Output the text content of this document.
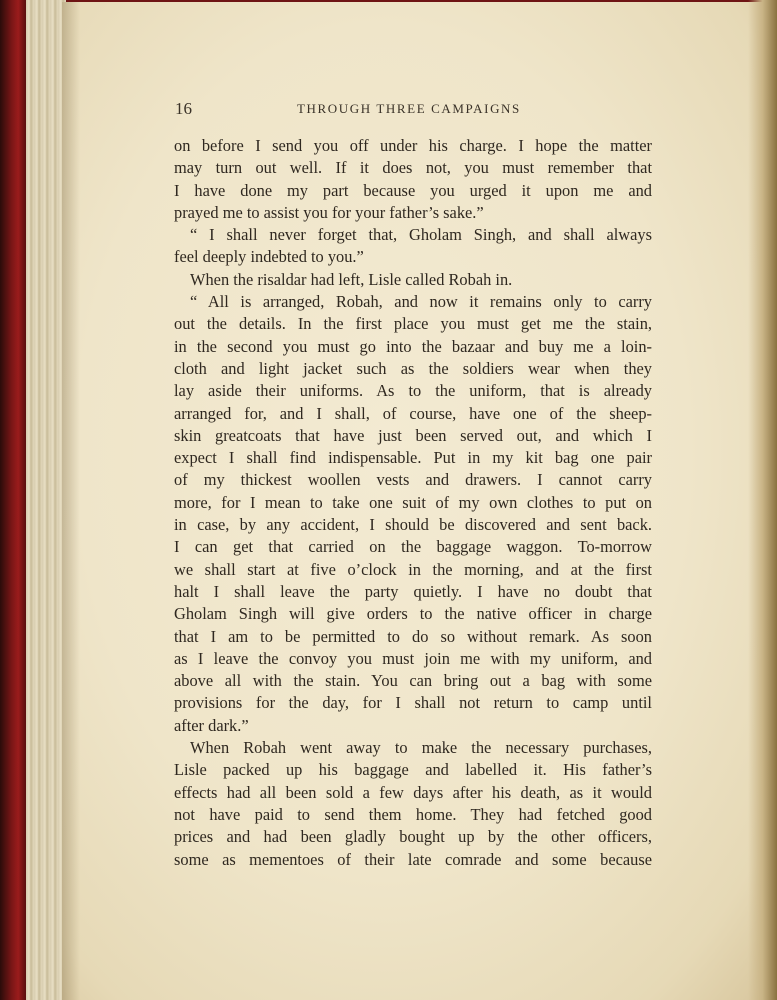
16	THROUGH THREE CAMPAIGNS
on before I send you off under his charge. I hope the matter
may turn out well. If it does not, you must remember that
I have done my part because you urged it upon me and
prayed me to assist you for your father’s sake.”
“ I shall never forget that, Gholam Singh, and shall always
feel deeply indebted to you.”
When the risaldar had left, Lisle called Robah in.
“ All is arranged, Robah, and now it remains only to carry
out the details. In the first place you must get me the stain,
in the second you must go into the bazaar and buy me a loin-
cloth and light jacket such as the soldiers wear when they
lay aside their uniforms. As to the uniform, that is already
arranged for, and I shall, of course, have one of the sheep-
skin greatcoats that have just been served out, and which I
expect I shall find indispensable. Put in my kit bag one pair
of my thickest woollen vests and drawers. I cannot carry
more, for I mean to take one suit of my own clothes to put on
in case, by any accident, I should be discovered and sent back.
I can get that carried on the baggage waggon. To-morrow
we shall start at five o’clock in the morning, and at the first
halt I shall leave the party quietly. I have no doubt that
Gholam Singh will give orders to the native officer in charge
that I am to be permitted to do so without remark. As soon
as I leave the convoy you must join me with my uniform, and
above all with the stain. You can bring out a bag with some
provisions for the day, for I shall not return to camp until
after dark.”
When Robah went away to make the necessary purchases,
Lisle packed up his baggage and labelled it. His father’s
effects had all been sold a few days after his death, as it would
not have paid to send them home. They had fetched good
prices and had been gladly bought up by the other officers,
some as mementoes of their late comrade and some because
